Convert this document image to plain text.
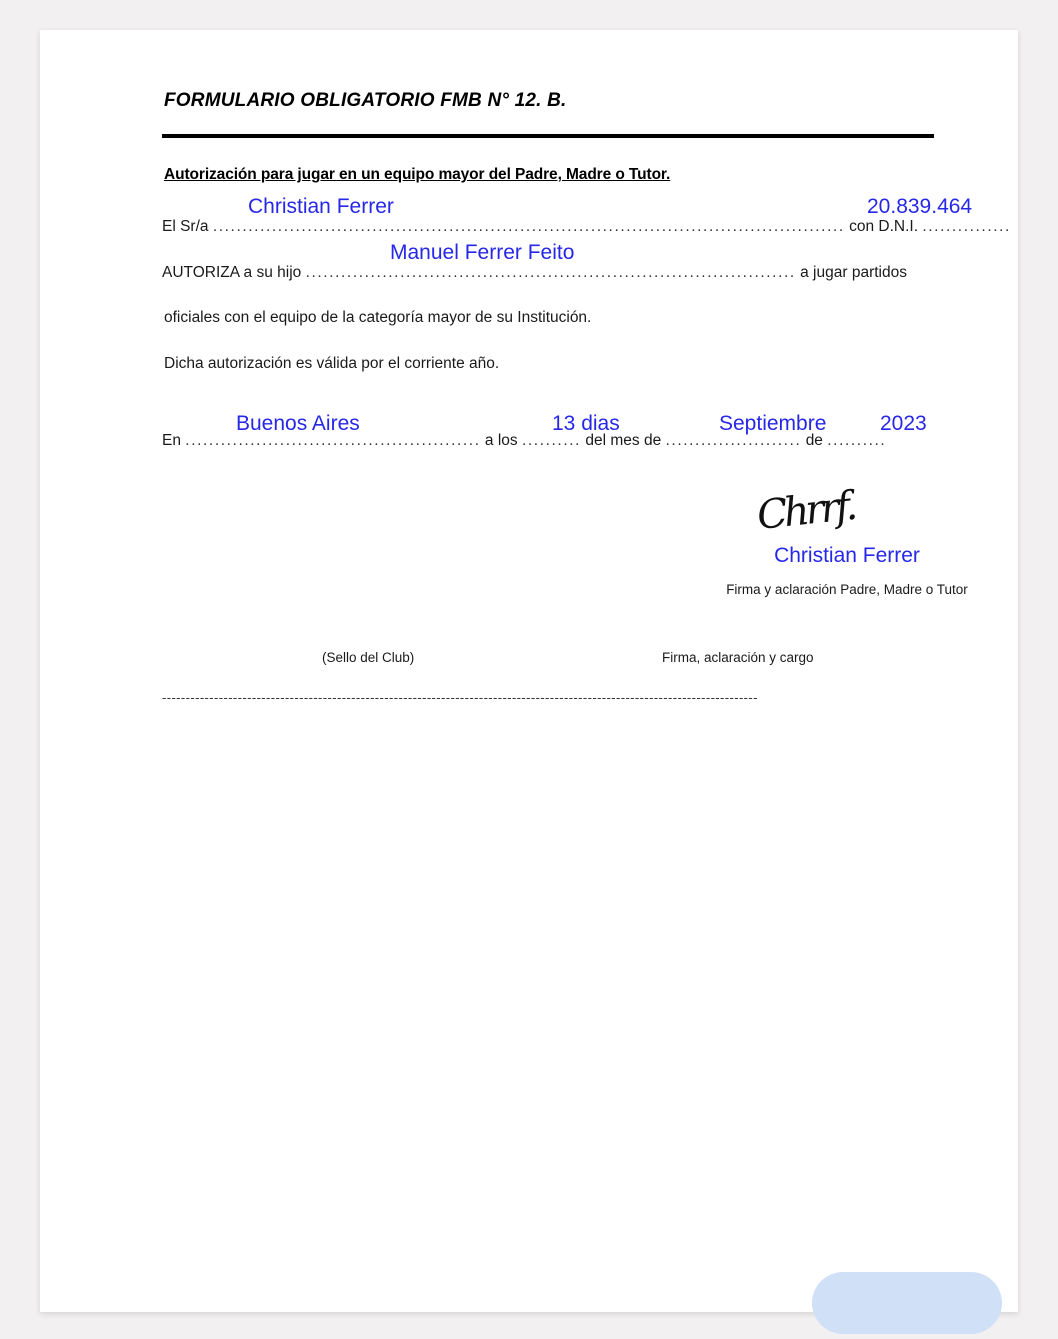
FORMULARIO OBLIGATORIO FMB N° 12. B.
Autorización para jugar en un equipo mayor del Padre, Madre o Tutor.
El Sr/a ........................................................................................................... con D.N.I. ...............
Christian Ferrer	20.839.464
AUTORIZA a su hijo ................................................................................... a jugar partidos
Manuel Ferrer Feito
oficiales con el equipo de la categoría mayor de su Institución.
Dicha autorización es válida por el corriente año.
En .................................................. a los .......... del mes de ....................... de ..........
Buenos Aires	13 dias	Septiembre	2023
Chrrf.
Christian Ferrer
Firma y aclaración Padre, Madre o Tutor
(Sello del Club)	Firma, aclaración y cargo
------------------------------------------------------------------------------------------------------------------------------
